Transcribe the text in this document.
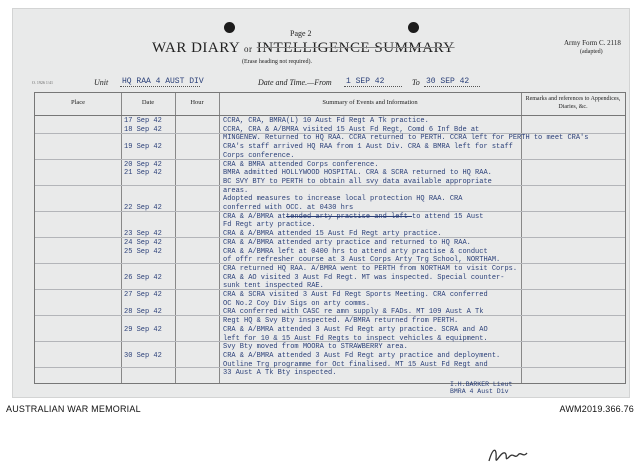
Page 2
WAR DIARY or INTELLIGENCE SUMMARY
(Erase heading not required).
Army Form C. 2118
(adapted)
O. 1926 1/41	Unit HQ RAA 4 AUST DIV	Date and Time.—From 1 SEP 42	To 30 SEP 42
Place	Date	Hour	Summary of Events and Information	Remarks and references to Appendices, Diaries, &c.
17 Sep 42	CCRA, CRA, BMRA(L) 10 Aust Fd Regt A Tk practice.
18 Sep 42	CCRA, CRA & A/BMRA visited 15 Aust Fd Regt, Comd 6 Inf Bde at
MINGENEW. Returned to HQ RAA. CCRA returned to PERTH. CCRA left for PERTH to meet CRA's
19 Sep 42	CRA's staff arrived HQ RAA from 1 Aust Div. CRA & BMRA left for staff
Corps conference.
20 Sep 42	CRA & BMRA attended Corps conference.
21 Sep 42	BMRA admitted HOLLYWOOD HOSPITAL. CRA & SCRA returned to HQ RAA.
BC SVY BTY to PERTH to obtain all svy data available appropriate
areas.
Adopted measures to increase local protection HQ RAA. CRA
22 Sep 42	conferred with OCC. at 0430 hrs
CRA & A/BMRA attended arty practise and left to attend 15 Aust
Fd Regt arty practice.
23 Sep 42	CRA & A/BMRA attended 15 Aust Fd Regt arty practice.
24 Sep 42	CRA & A/BMRA attended arty practice and returned to HQ RAA.
25 Sep 42	CRA & A/BMRA left at 0400 hrs to attend arty practise & conduct
of offr refresher course at 3 Aust Corps Arty Trg School, NORTHAM.
CRA returned HQ RAA. A/BMRA went to PERTH from NORTHAM to visit Corps.
26 Sep 42	CRA & AO visited 3 Aust Fd Regt. MT was inspected. Special counter-
sunk tent inspected RAE.
27 Sep 42	CRA & SCRA visited 3 Aust Fd Regt Sports Meeting. CRA conferred
OC No.2 Coy Div Sigs on arty comms.
28 Sep 42	CRA conferred with CASC re amn supply & FADs. MT 109 Aust A Tk
Regt HQ & Svy Bty inspected. A/BMRA returned from PERTH.
29 Sep 42	CRA & A/BMRA attended 3 Aust Fd Regt arty practice. SCRA and AO
left for 10 & 15 Aust Fd Regts to inspect vehicles & equipment.
Svy Bty moved from MOORA to STRAWBERRY area.
30 Sep 42	CRA & A/BMRA attended 3 Aust Fd Regt arty practice and deployment.
Outline Trg programme for Oct finalised. MT 15 Aust Fd Regt and
33 Aust A Tk Bty inspected.
I.H.BARKER Lieut
BMRA 4 Aust Div
AUSTRALIAN WAR MEMORIAL	AWM2019.366.76
